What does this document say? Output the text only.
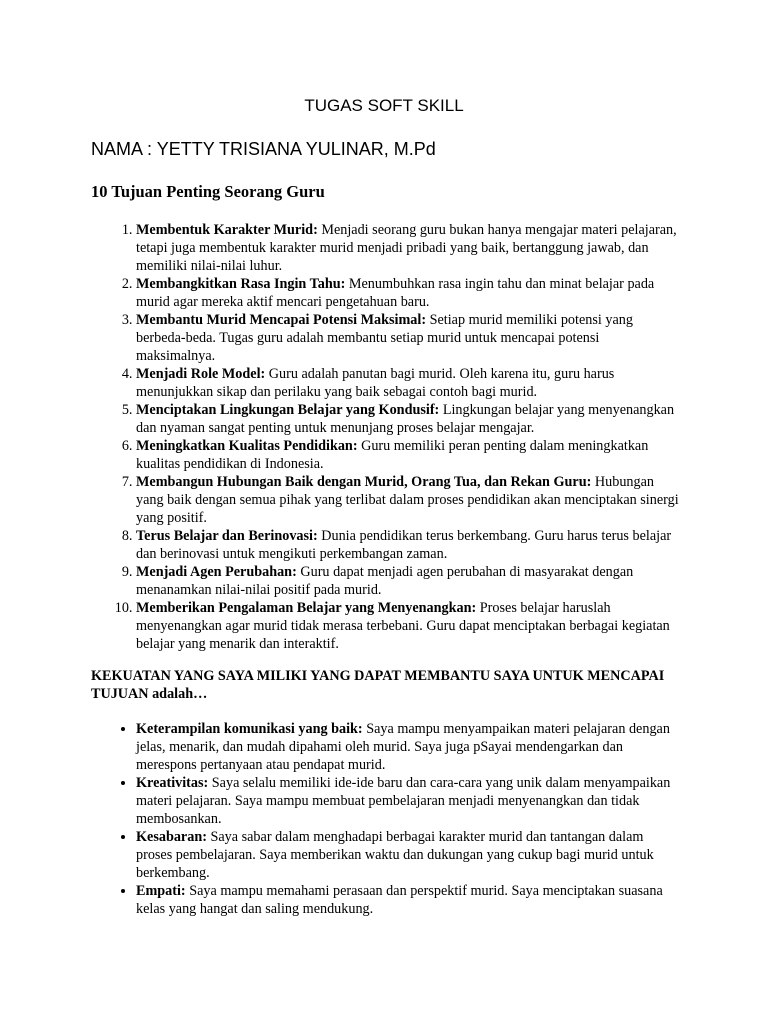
TUGAS SOFT SKILL
NAMA : YETTY TRISIANA YULINAR, M.Pd
10 Tujuan Penting Seorang Guru
1. Membentuk Karakter Murid: Menjadi seorang guru bukan hanya mengajar materi pelajaran, tetapi juga membentuk karakter murid menjadi pribadi yang baik, bertanggung jawab, dan memiliki nilai-nilai luhur.
2. Membangkitkan Rasa Ingin Tahu: Menumbuhkan rasa ingin tahu dan minat belajar pada murid agar mereka aktif mencari pengetahuan baru.
3. Membantu Murid Mencapai Potensi Maksimal: Setiap murid memiliki potensi yang berbeda-beda. Tugas guru adalah membantu setiap murid untuk mencapai potensi maksimalnya.
4. Menjadi Role Model: Guru adalah panutan bagi murid. Oleh karena itu, guru harus menunjukkan sikap dan perilaku yang baik sebagai contoh bagi murid.
5. Menciptakan Lingkungan Belajar yang Kondusif: Lingkungan belajar yang menyenangkan dan nyaman sangat penting untuk menunjang proses belajar mengajar.
6. Meningkatkan Kualitas Pendidikan: Guru memiliki peran penting dalam meningkatkan kualitas pendidikan di Indonesia.
7. Membangun Hubungan Baik dengan Murid, Orang Tua, dan Rekan Guru: Hubungan yang baik dengan semua pihak yang terlibat dalam proses pendidikan akan menciptakan sinergi yang positif.
8. Terus Belajar dan Berinovasi: Dunia pendidikan terus berkembang. Guru harus terus belajar dan berinovasi untuk mengikuti perkembangan zaman.
9. Menjadi Agen Perubahan: Guru dapat menjadi agen perubahan di masyarakat dengan menanamkan nilai-nilai positif pada murid.
10. Memberikan Pengalaman Belajar yang Menyenangkan: Proses belajar haruslah menyenangkan agar murid tidak merasa terbebani. Guru dapat menciptakan berbagai kegiatan belajar yang menarik dan interaktif.
KEKUATAN YANG SAYA MILIKI YANG DAPAT MEMBANTU SAYA UNTUK MENCAPAI TUJUAN adalah…
• Keterampilan komunikasi yang baik: Saya mampu menyampaikan materi pelajaran dengan jelas, menarik, dan mudah dipahami oleh murid. Saya juga pSayai mendengarkan dan merespons pertanyaan atau pendapat murid.
• Kreativitas: Saya selalu memiliki ide-ide baru dan cara-cara yang unik dalam menyampaikan materi pelajaran. Saya mampu membuat pembelajaran menjadi menyenangkan dan tidak membosankan.
• Kesabaran: Saya sabar dalam menghadapi berbagai karakter murid dan tantangan dalam proses pembelajaran. Saya memberikan waktu dan dukungan yang cukup bagi murid untuk berkembang.
• Empati: Saya mampu memahami perasaan dan perspektif murid. Saya menciptakan suasana kelas yang hangat dan saling mendukung.
